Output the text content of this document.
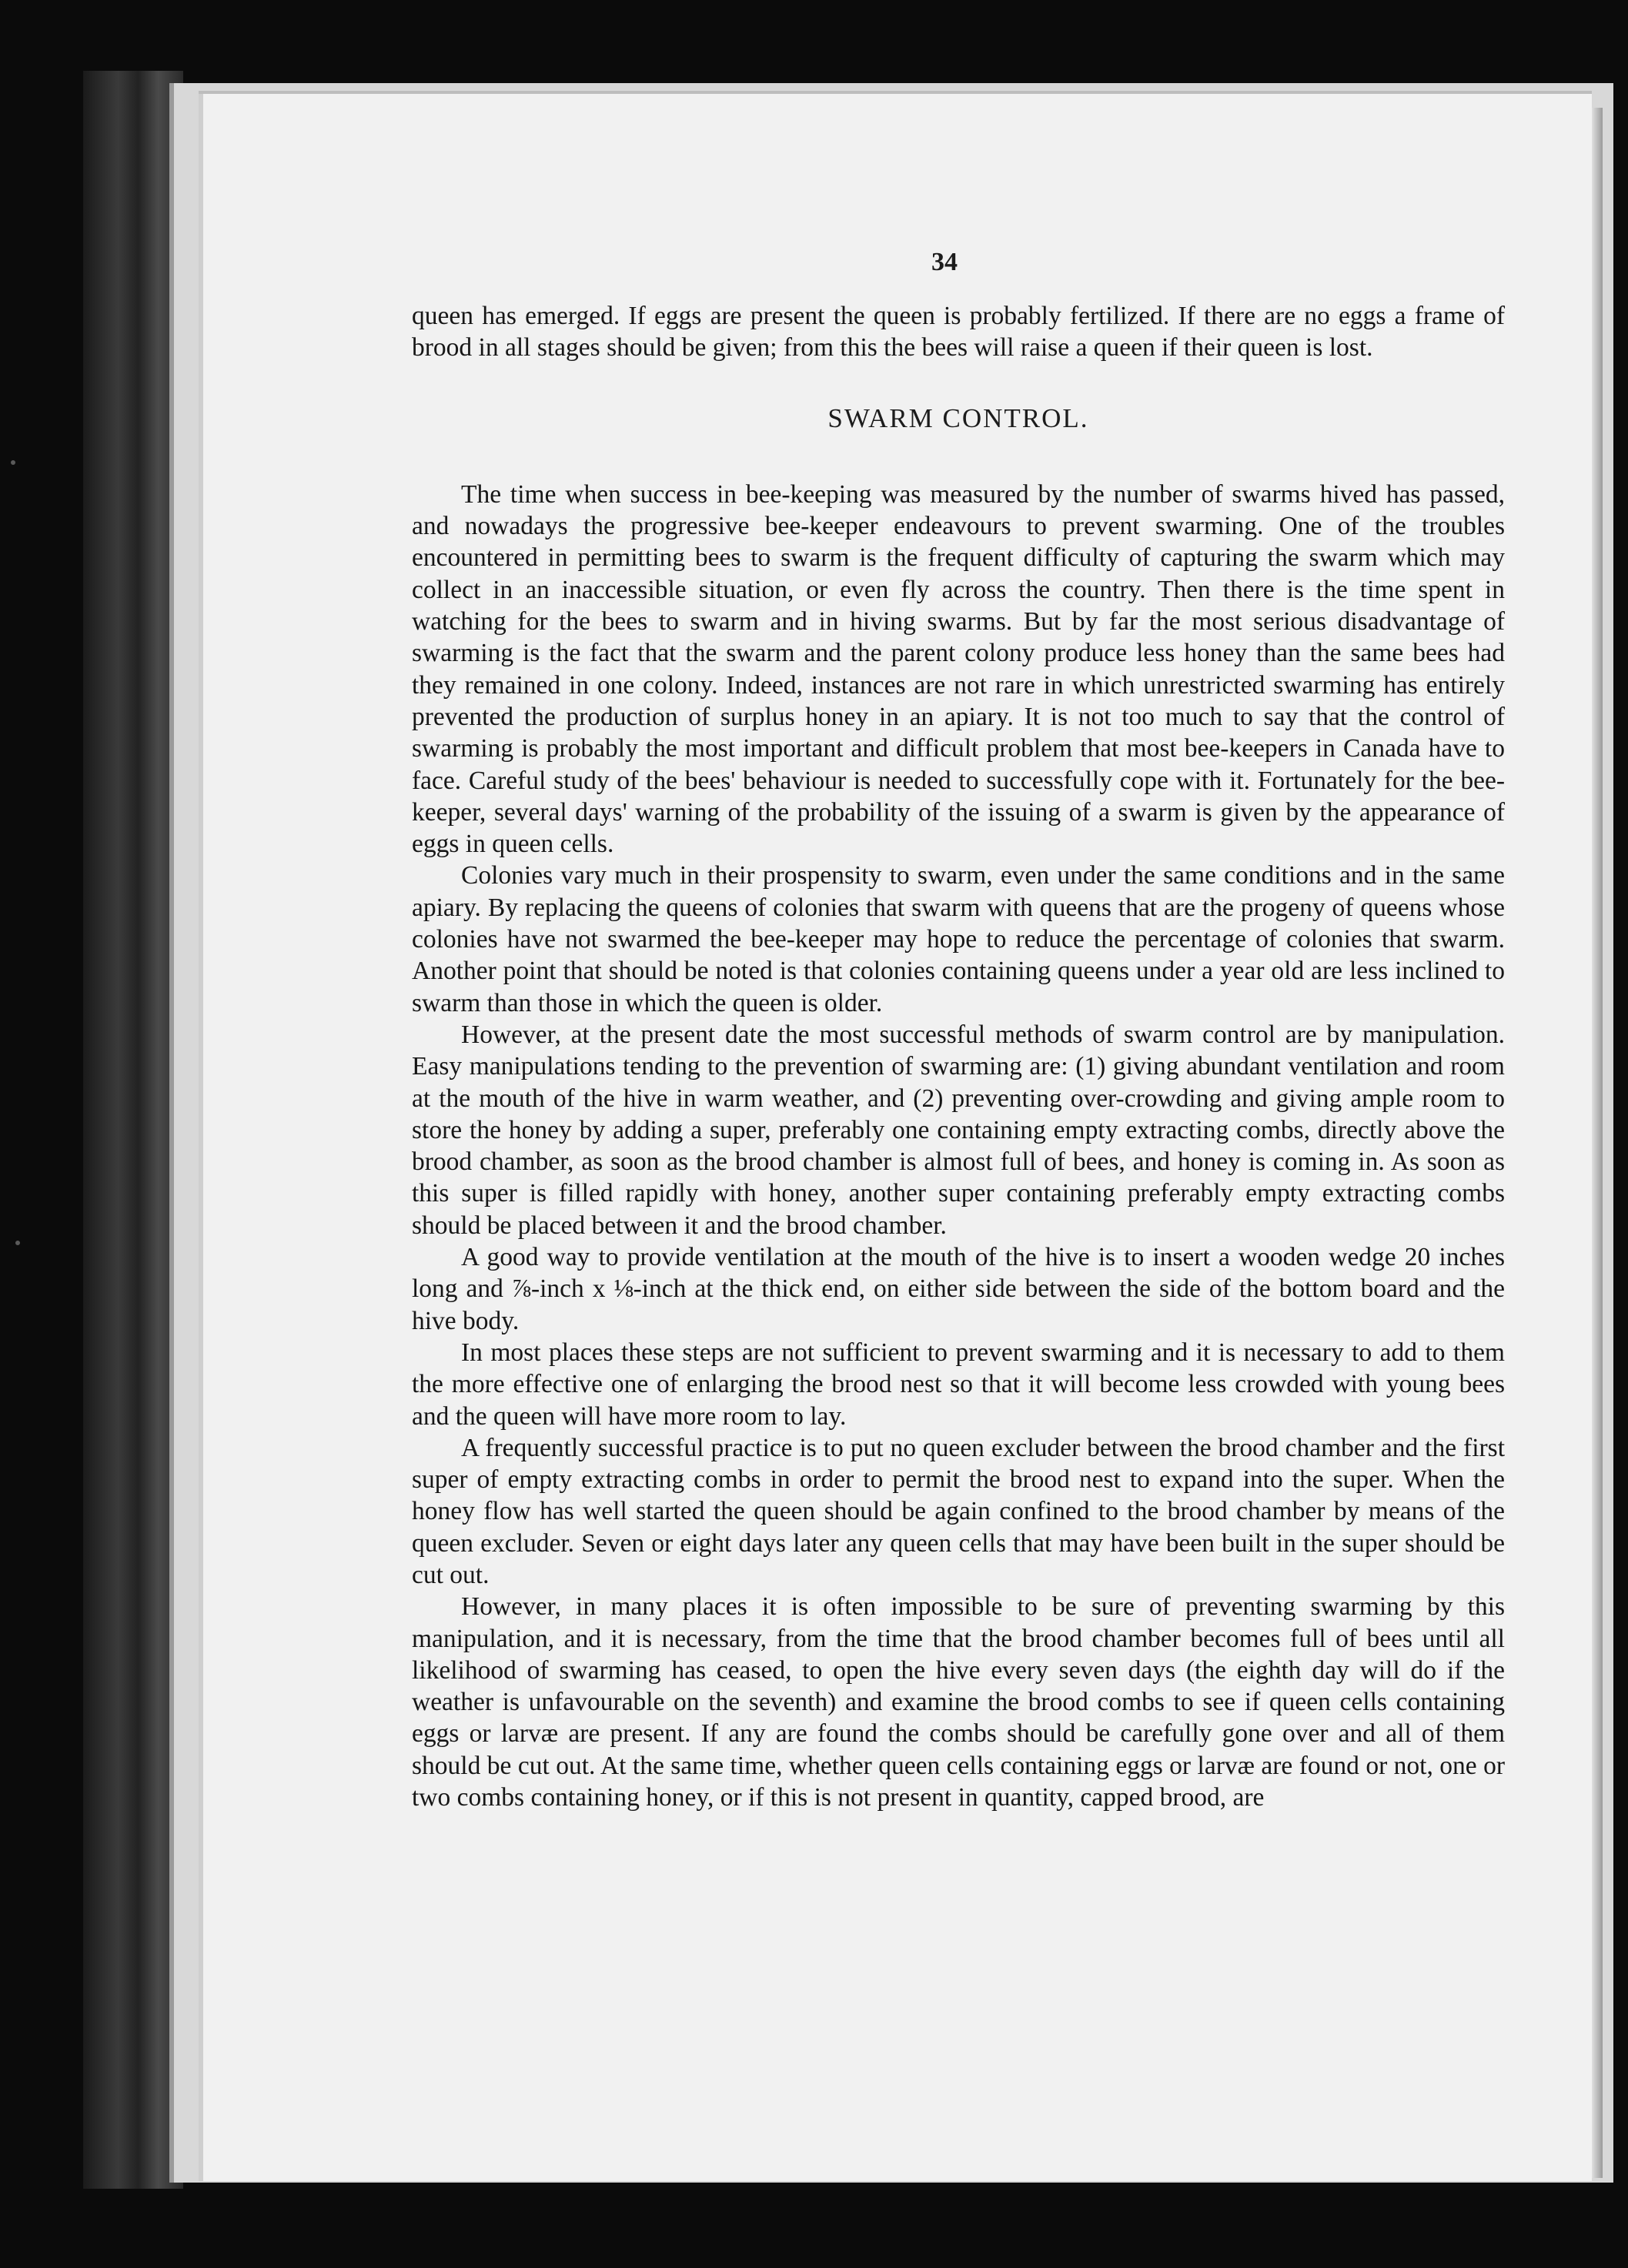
34

queen has emerged. If eggs are present the queen is probably fertilized. If there are no eggs a frame of brood in all stages should be given; from this the bees will raise a queen if their queen is lost.

SWARM CONTROL.

The time when success in bee-keeping was measured by the number of swarms hived has passed, and nowadays the progressive bee-keeper endeavours to prevent swarming. One of the troubles encountered in permitting bees to swarm is the frequent difficulty of capturing the swarm which may collect in an inaccessible situation, or even fly across the country. Then there is the time spent in watching for the bees to swarm and in hiving swarms. But by far the most serious disadvantage of swarming is the fact that the swarm and the parent colony produce less honey than the same bees had they remained in one colony. Indeed, instances are not rare in which unrestricted swarming has entirely prevented the production of surplus honey in an apiary. It is not too much to say that the control of swarming is probably the most important and difficult problem that most bee-keepers in Canada have to face. Careful study of the bees' behaviour is needed to successfully cope with it. Fortunately for the bee-keeper, several days' warning of the probability of the issuing of a swarm is given by the appearance of eggs in queen cells.

Colonies vary much in their prospensity to swarm, even under the same conditions and in the same apiary. By replacing the queens of colonies that swarm with queens that are the progeny of queens whose colonies have not swarmed the bee-keeper may hope to reduce the percentage of colonies that swarm. Another point that should be noted is that colonies containing queens under a year old are less inclined to swarm than those in which the queen is older.

However, at the present date the most successful methods of swarm control are by manipulation. Easy manipulations tending to the prevention of swarming are: (1) giving abundant ventilation and room at the mouth of the hive in warm weather, and (2) preventing over-crowding and giving ample room to store the honey by adding a super, preferably one containing empty extracting combs, directly above the brood chamber, as soon as the brood chamber is almost full of bees, and honey is coming in. As soon as this super is filled rapidly with honey, another super containing preferably empty extracting combs should be placed between it and the brood chamber.

A good way to provide ventilation at the mouth of the hive is to insert a wooden wedge 20 inches long and ⅞-inch x ⅛-inch at the thick end, on either side between the side of the bottom board and the hive body.

In most places these steps are not sufficient to prevent swarming and it is necessary to add to them the more effective one of enlarging the brood nest so that it will become less crowded with young bees and the queen will have more room to lay.

A frequently successful practice is to put no queen excluder between the brood chamber and the first super of empty extracting combs in order to permit the brood nest to expand into the super. When the honey flow has well started the queen should be again confined to the brood chamber by means of the queen excluder. Seven or eight days later any queen cells that may have been built in the super should be cut out.

However, in many places it is often impossible to be sure of preventing swarming by this manipulation, and it is necessary, from the time that the brood chamber becomes full of bees until all likelihood of swarming has ceased, to open the hive every seven days (the eighth day will do if the weather is unfavourable on the seventh) and examine the brood combs to see if queen cells containing eggs or larvæ are present. If any are found the combs should be carefully gone over and all of them should be cut out. At the same time, whether queen cells containing eggs or larvæ are found or not, one or two combs containing honey, or if this is not present in quantity, capped brood, are
